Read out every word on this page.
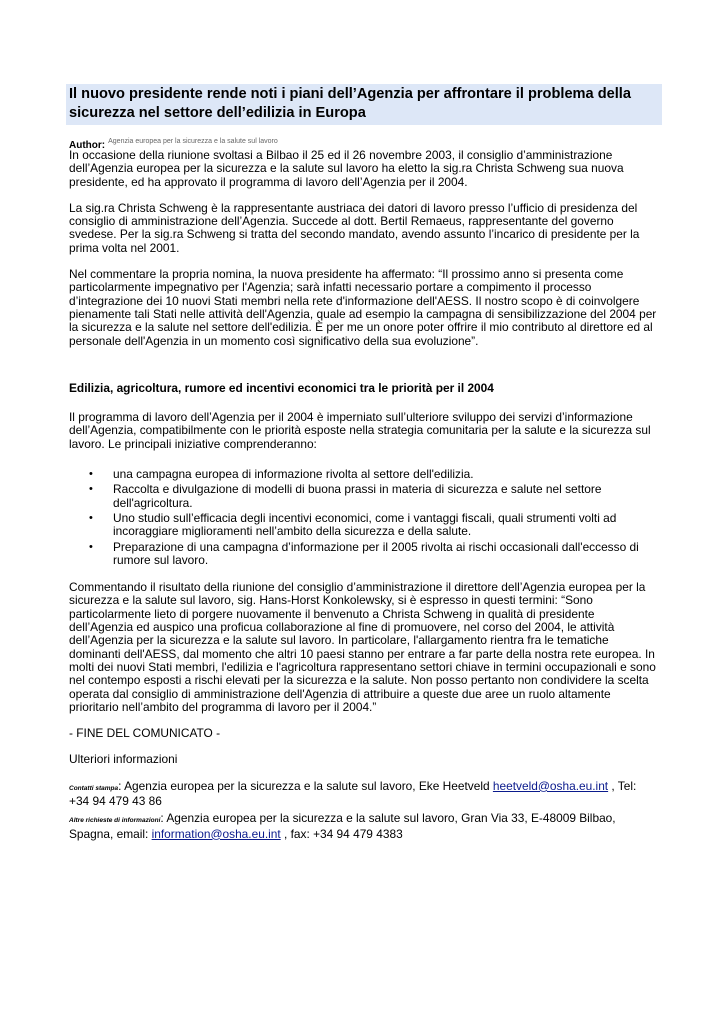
Il nuovo presidente rende noti i piani dell’Agenzia per affrontare il problema della sicurezza nel settore dell’edilizia in Europa
Author: $^{Agenzia europea per la sicurezza e la salute sul lavoro}$

In occasione della riunione svoltasi a Bilbao il 25 ed il 26 novembre 2003, il consiglio d’amministrazione dell’Agenzia europea per la sicurezza e la salute sul lavoro ha eletto la sig.ra Christa Schweng sua nuova presidente, ed ha approvato il programma di lavoro dell’Agenzia per il 2004.

La sig.ra Christa Schweng è la rappresentante austriaca dei datori di lavoro presso l’ufficio di presidenza del consiglio di amministrazione dell’Agenzia. Succede al dott. Bertil Remaeus, rappresentante del governo svedese. Per la sig.ra Schweng si tratta del secondo mandato, avendo assunto l’incarico di presidente per la prima volta nel 2001.

Nel commentare la propria nomina, la nuova presidente ha affermato: “Il prossimo anno si presenta come particolarmente impegnativo per l'Agenzia; sarà infatti necessario portare a compimento il processo d’integrazione dei 10 nuovi Stati membri nella rete d'informazione dell'AESS. Il nostro scopo è di coinvolgere pienamente tali Stati nelle attività dell'Agenzia, quale ad esempio la campagna di sensibilizzazione del 2004 per la sicurezza e la salute nel settore dell'edilizia. È per me un onore poter offrire il mio contributo al direttore ed al personale dell'Agenzia in un momento così significativo della sua evoluzione”.

Edilizia, agricoltura, rumore ed incentivi economici tra le priorità per il 2004

Il programma di lavoro dell’Agenzia per il 2004 è imperniato sull’ulteriore sviluppo dei servizi d’informazione dell’Agenzia, compatibilmente con le priorità esposte nella strategia comunitaria per la salute e la sicurezza sul lavoro. Le principali iniziative comprenderanno:

• una campagna europea di informazione rivolta al settore dell'edilizia.
• Raccolta e divulgazione di modelli di buona prassi in materia di sicurezza e salute nel settore dell'agricoltura.
• Uno studio sull’efficacia degli incentivi economici, come i vantaggi fiscali, quali strumenti volti ad incoraggiare miglioramenti nell’ambito della sicurezza e della salute.
• Preparazione di una campagna d’informazione per il 2005 rivolta ai rischi occasionali dall'eccesso di rumore sul lavoro.

Commentando il risultato della riunione del consiglio d’amministrazione il direttore dell’Agenzia europea per la sicurezza e la salute sul lavoro, sig. Hans-Horst Konkolewsky, si è espresso in questi termini: “Sono particolarmente lieto di porgere nuovamente il benvenuto a Christa Schweng in qualità di presidente dell’Agenzia ed auspico una proficua collaborazione al fine di promuovere, nel corso del 2004, le attività dell’Agenzia per la sicurezza e la salute sul lavoro. In particolare, l'allargamento rientra fra le tematiche dominanti dell'AESS, dal momento che altri 10 paesi stanno per entrare a far parte della nostra rete europea. In molti dei nuovi Stati membri, l'edilizia e l'agricoltura rappresentano settori chiave in termini occupazionali e sono nel contempo esposti a rischi elevati per la sicurezza e la salute. Non posso pertanto non condividere la scelta operata dal consiglio di amministrazione dell'Agenzia di attribuire a queste due aree un ruolo altamente prioritario nell’ambito del programma di lavoro per il 2004.”

- FINE DEL COMUNICATO -

Ulteriori informazioni

Contatti stampa: Agenzia europea per la sicurezza e la salute sul lavoro, Eke Heetveld heetveld@osha.eu.int , Tel: +34 94 479 43 86
Altre richieste di informazioni: Agenzia europea per la sicurezza e la salute sul lavoro, Gran Via 33, E-48009 Bilbao, Spagna, email: information@osha.eu.int , fax: +34 94 479 4383
